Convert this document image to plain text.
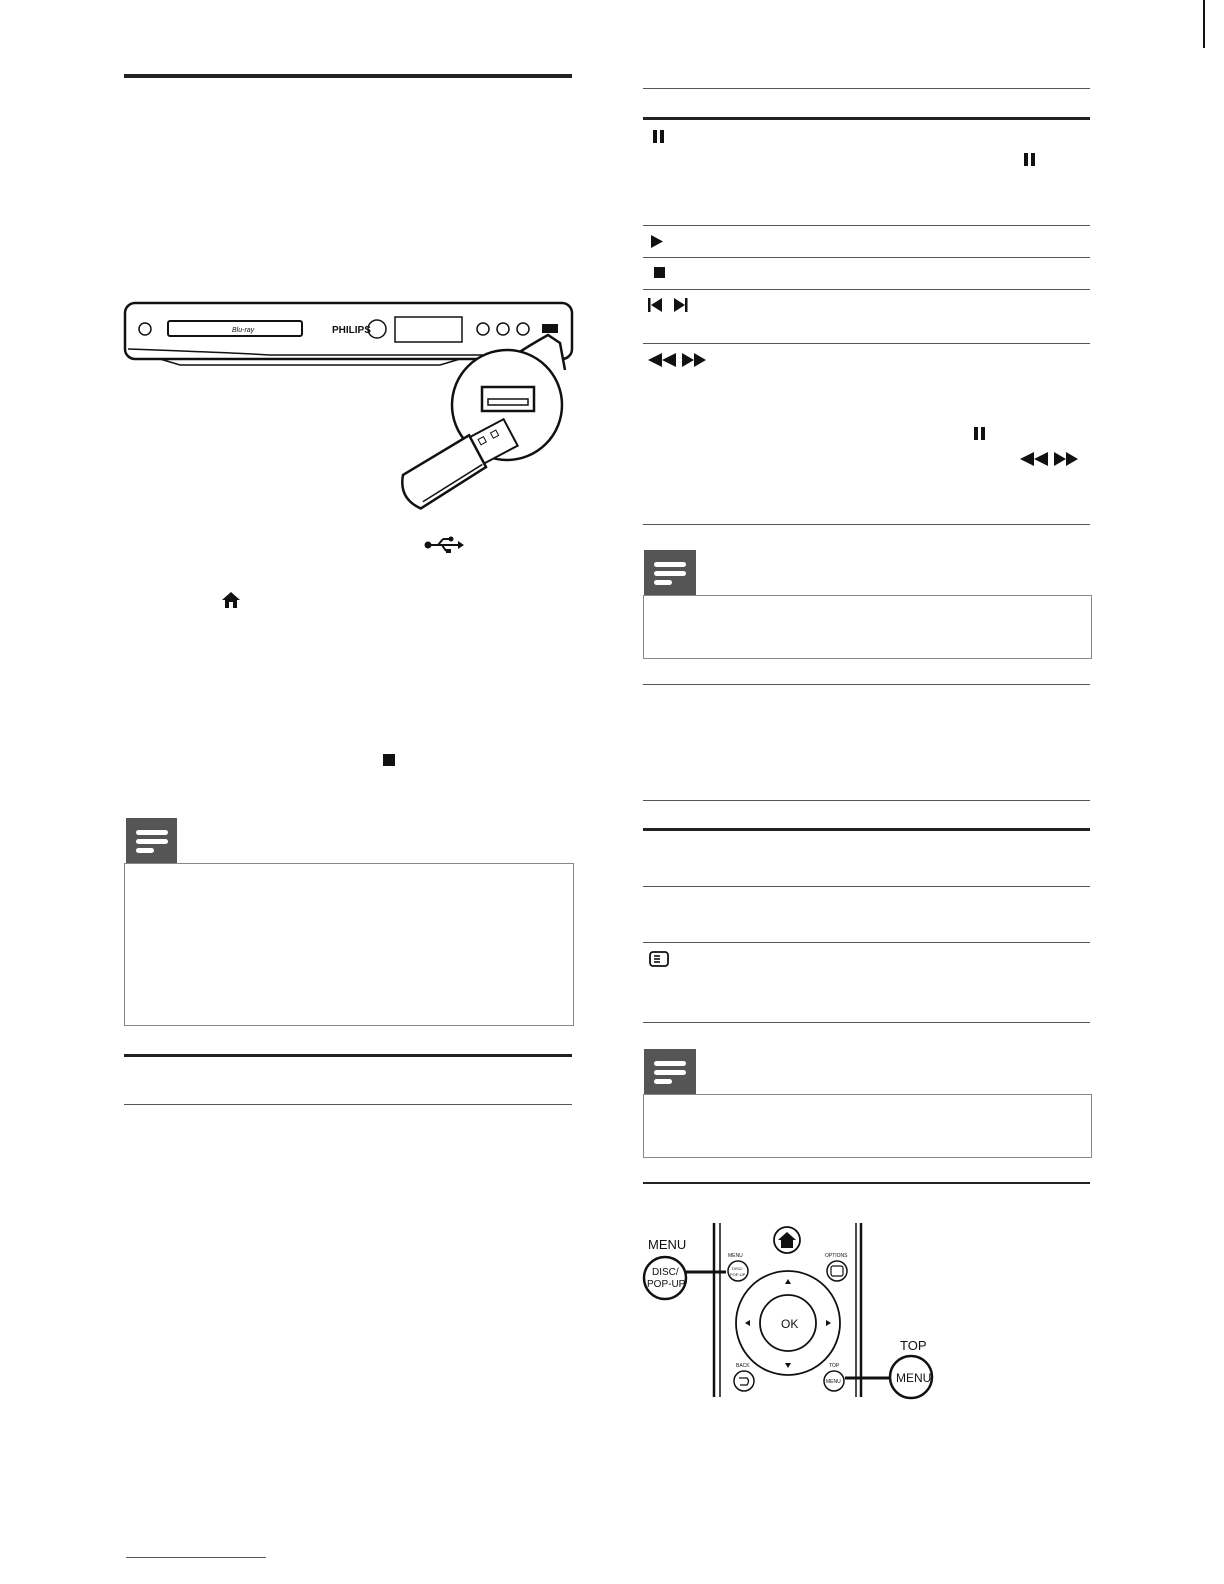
Blu-ray	PHILIPS
MENU
DISC/
POP-UP
MENU
DISC/
POP-UP
OPTIONS
OK
BACK	TOP
MENU
TOP
MENU
